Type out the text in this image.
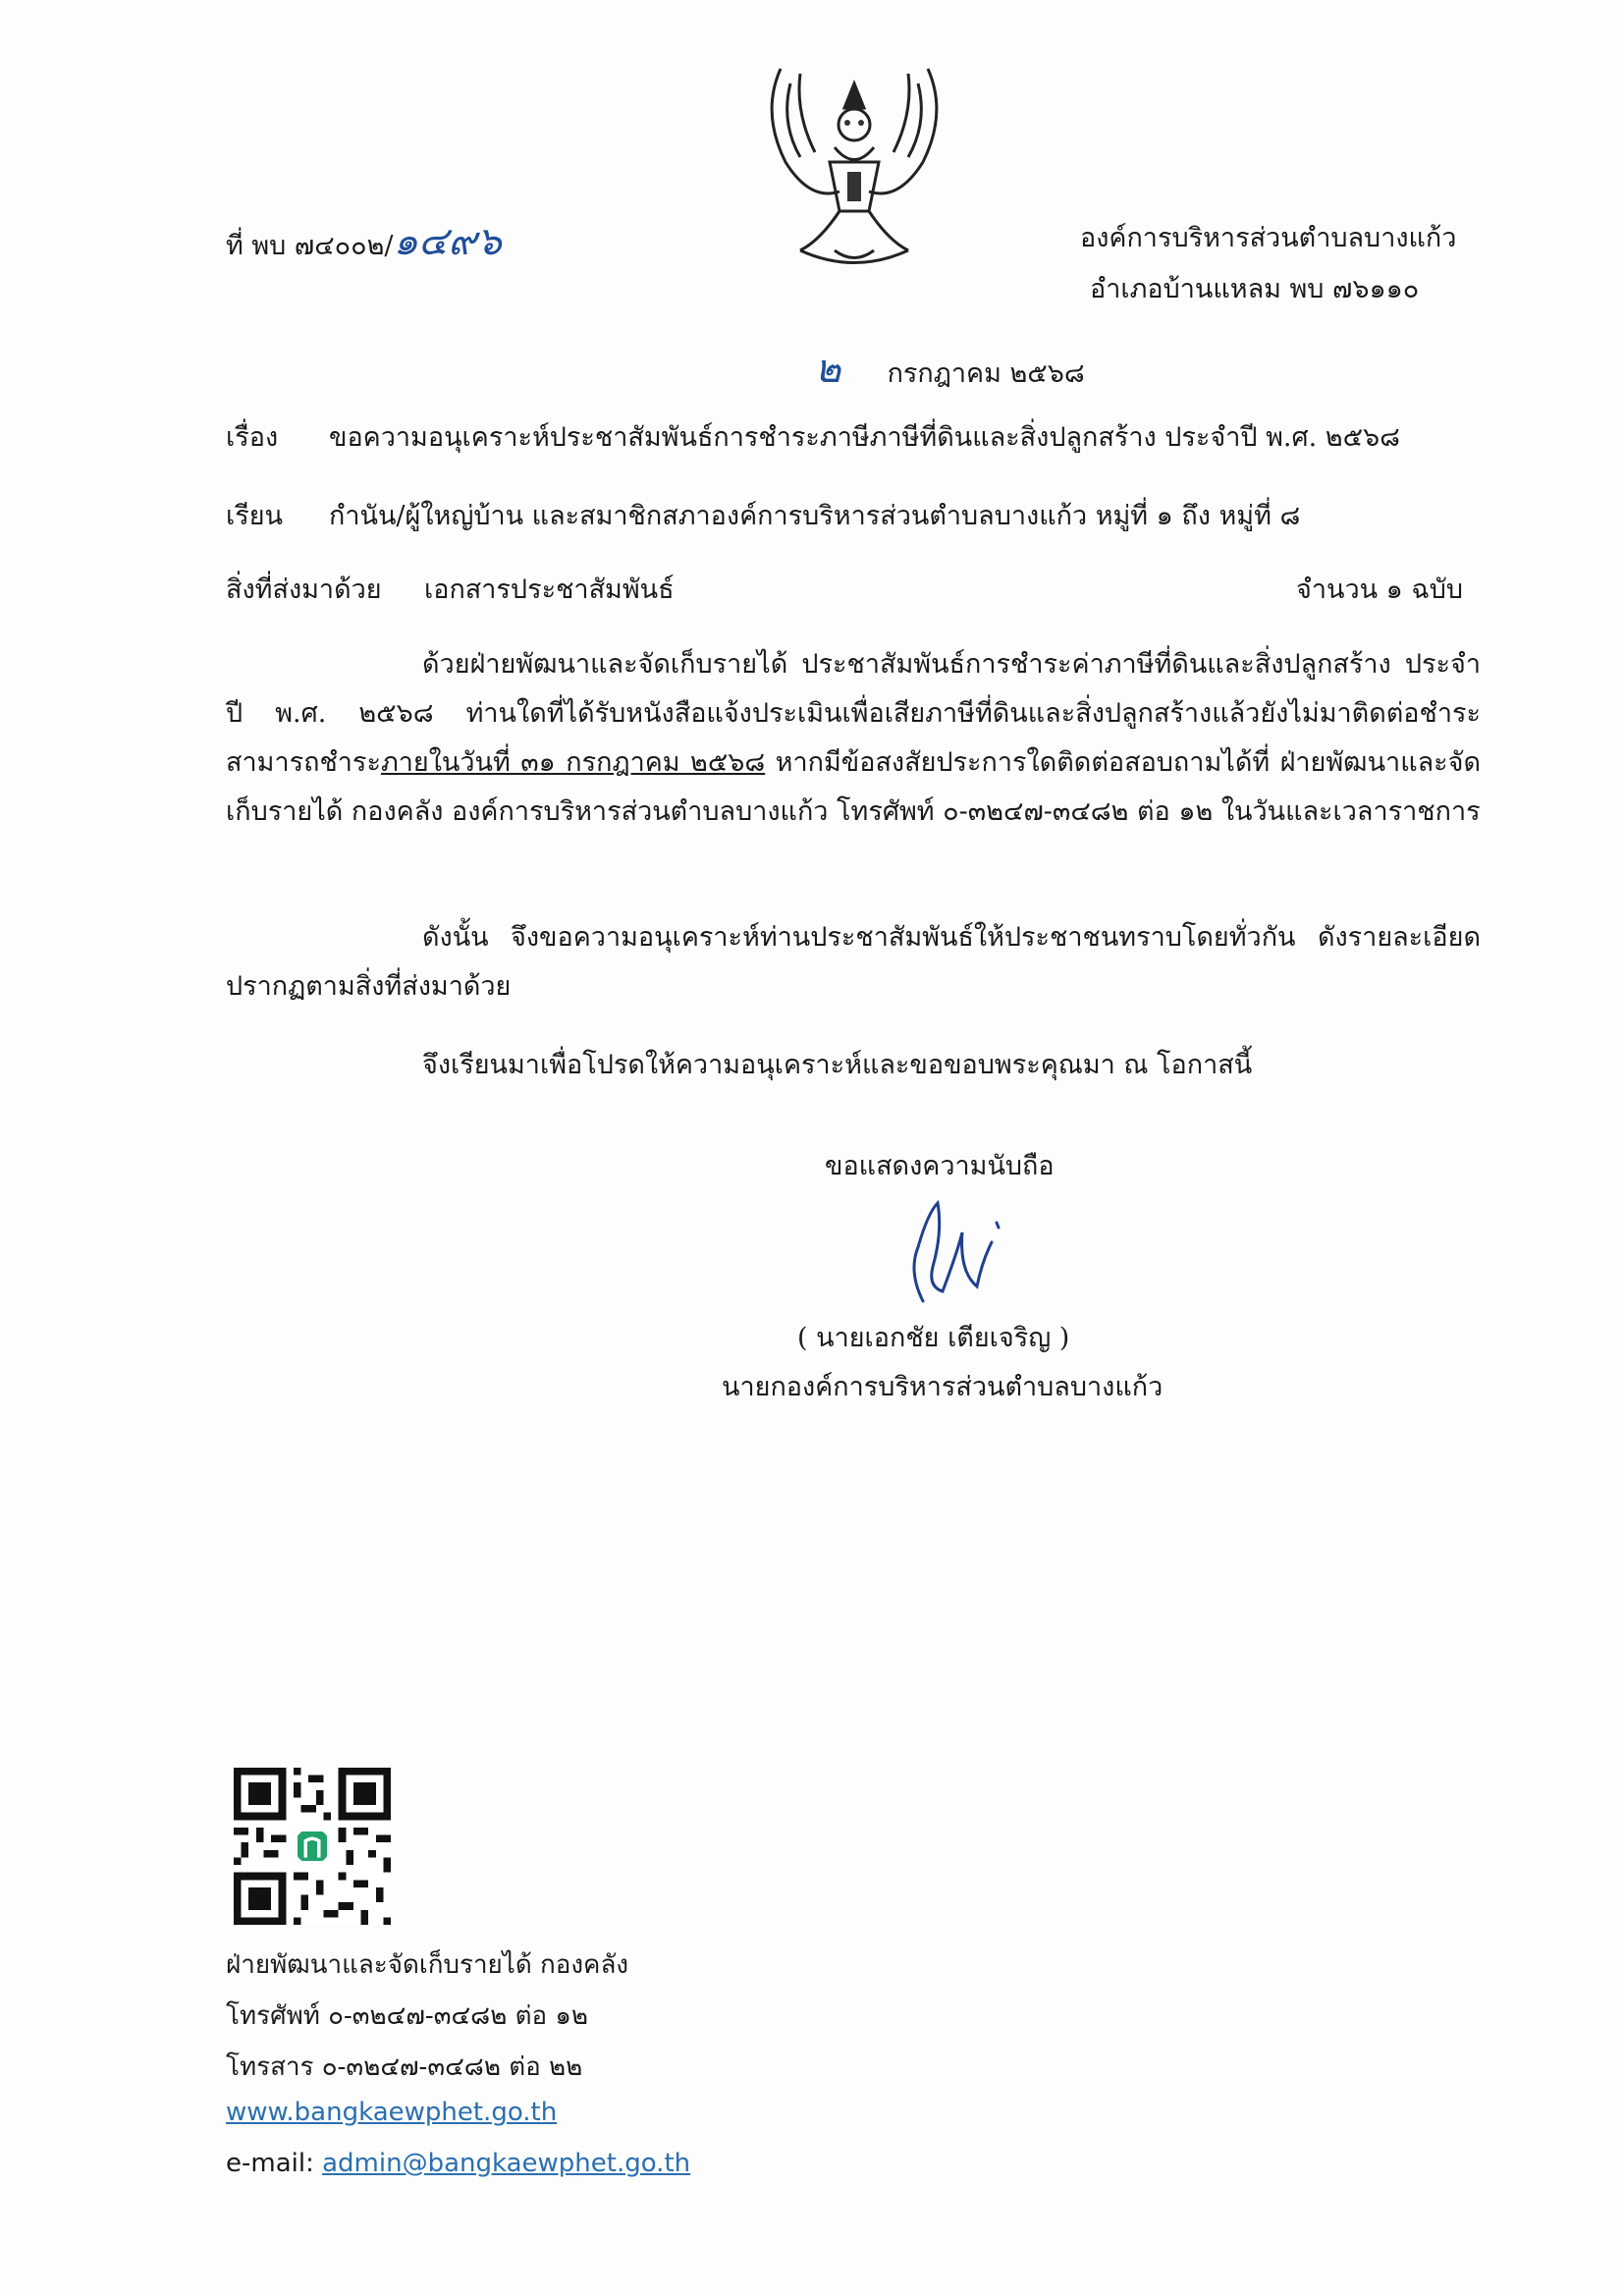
ที่ พบ ๗๔๐๐๒/๑๔๙๖	องค์การบริหารส่วนตำบลบางแก้ว
อำเภอบ้านแหลม พบ ๗๖๑๑๐
๒ กรกฎาคม ๒๕๖๘
เรื่อง ขอความอนุเคราะห์ประชาสัมพันธ์การชำระภาษีภาษีที่ดินและสิ่งปลูกสร้าง ประจำปี พ.ศ. ๒๕๖๘
เรียน กำนัน/ผู้ใหญ่บ้าน และสมาชิกสภาองค์การบริหารส่วนตำบลบางแก้ว หมู่ที่ ๑ ถึง หมู่ที่ ๘
สิ่งที่ส่งมาด้วย เอกสารประชาสัมพันธ์	จำนวน ๑ ฉบับ
ด้วยฝ่ายพัฒนาและจัดเก็บรายได้ ประชาสัมพันธ์การชำระค่าภาษีที่ดินและสิ่งปลูกสร้าง ประจำปี พ.ศ. ๒๕๖๘ ท่านใดที่ได้รับหนังสือแจ้งประเมินเพื่อเสียภาษีที่ดินและสิ่งปลูกสร้างแล้วยังไม่มาติดต่อชำระ สามารถชำระภายในวันที่ ๓๑ กรกฎาคม ๒๕๖๘ หากมีข้อสงสัยประการใดติดต่อสอบถามได้ที่ ฝ่ายพัฒนาและจัดเก็บรายได้ กองคลัง องค์การบริหารส่วนตำบลบางแก้ว โทรศัพท์ ๐-๓๒๔๗-๓๔๘๒ ต่อ ๑๒ ในวันและเวลาราชการ
ดังนั้น จึงขอความอนุเคราะห์ท่านประชาสัมพันธ์ให้ประชาชนทราบโดยทั่วกัน ดังรายละเอียดปรากฏตามสิ่งที่ส่งมาด้วย
จึงเรียนมาเพื่อโปรดให้ความอนุเคราะห์และขอขอบพระคุณมา ณ โอกาสนี้
ขอแสดงความนับถือ
( นายเอกชัย เตียเจริญ )
นายกองค์การบริหารส่วนตำบลบางแก้ว
ฝ่ายพัฒนาและจัดเก็บรายได้ กองคลัง
โทรศัพท์ ๐-๓๒๔๗-๓๔๘๒ ต่อ ๑๒
โทรสาร ๐-๓๒๔๗-๓๔๘๒ ต่อ ๒๒
www.bangkaewphet.go.th
e-mail: admin@bangkaewphet.go.th
